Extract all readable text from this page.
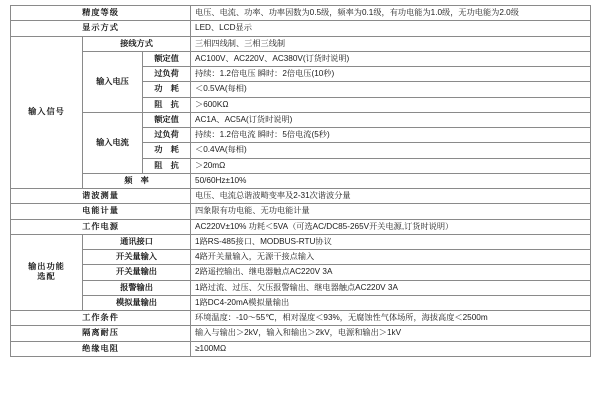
精度等级			电压、电流、功率、功率因数为0.5级，频率为0.1级，有功电能为1.0级，无功电能为2.0级
显示方式			LED、LCD显示
输入信号	接线方式		三相四线制、三相三线制
	输入电压	额定值	AC100V、AC220V、AC380V(订货时说明)
		过负荷	持续：1.2倍电压 瞬时：2倍电压(10秒)
		功　耗	＜0.5VA(每相)
		阻　抗	＞600KΩ
	输入电流	额定值	AC1A、AC5A(订货时说明)
		过负荷	持续：1.2倍电流 瞬时：5倍电流(5秒)
		功　耗	＜0.4VA(每相)
		阻　抗	＞20mΩ
	频　率		50/60Hz±10%
谐波测量			电压、电流总谐波畸变率及2-31次谐波分量
电能计量			四象限有功电能、无功电能计量
工作电源			AC220V±10% 功耗＜5VA（可选AC/DC85-265V开关电源,订货时说明）

输出功能
选配	通讯接口		1路RS-485接口、MODBUS-RTU协议
	开关量输入		4路开关量输入，无源干接点输入
	开关量输出		2路遥控输出、继电器触点AC220V 3A
	报警输出		1路过流、过压、欠压报警输出、继电器触点AC220V 3A
	模拟量输出		1路DC4-20mA模拟量输出
工作条件			环境温度：-10～55℃，相对湿度＜93%，无腐蚀性气体场所，海拔高度＜2500m
隔离耐压			输入与输出＞2kV，输入和输出＞2kV，电源和输出＞1kV
绝缘电阻			≥100MΩ
